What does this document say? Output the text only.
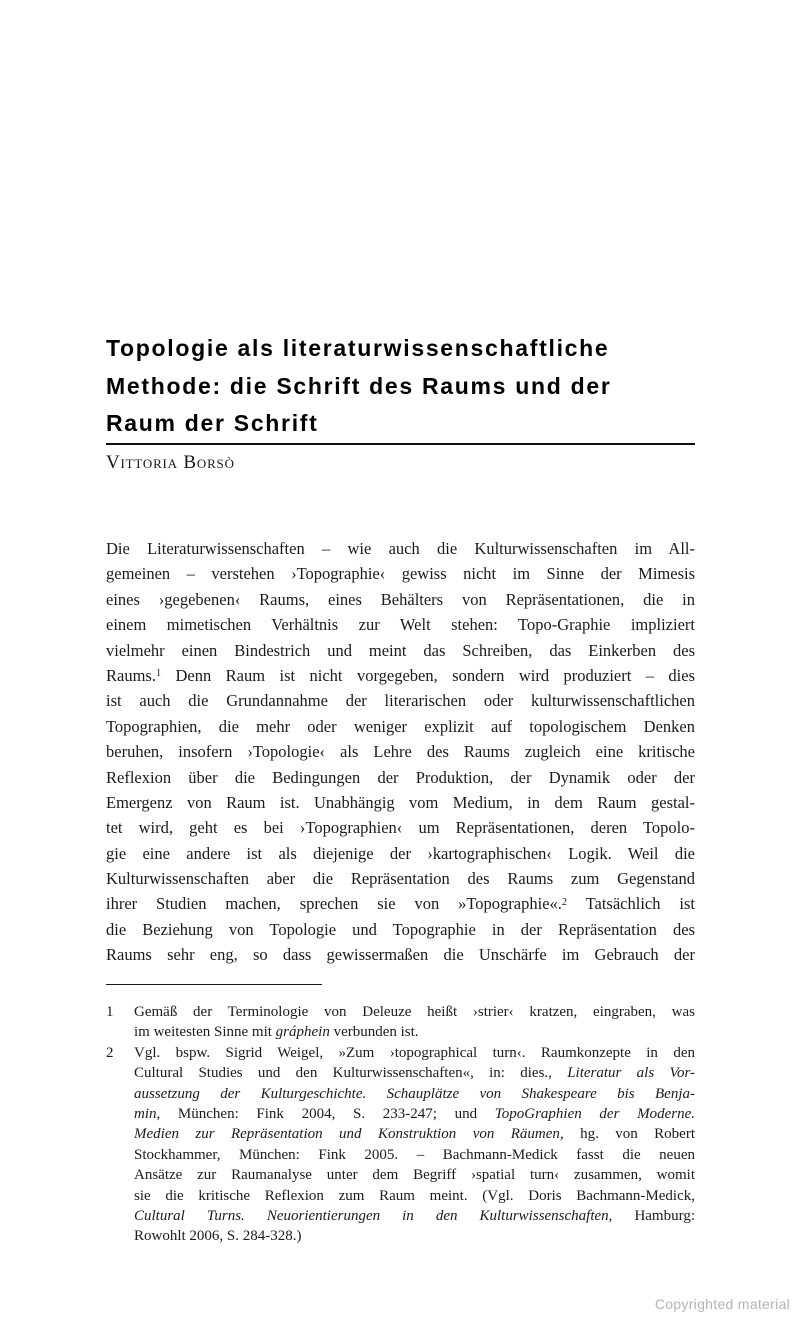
Topologie als literaturwissenschaftliche
Methode: die Schrift des Raums und der
Raum der Schrift
Vittoria Borsò
Die Literaturwissenschaften – wie auch die Kulturwissenschaften im All-
gemeinen – verstehen ›Topographie‹ gewiss nicht im Sinne der Mimesis
eines ›gegebenen‹ Raums, eines Behälters von Repräsentationen, die in
einem mimetischen Verhältnis zur Welt stehen: Topo-Graphie impliziert
vielmehr einen Bindestrich und meint das Schreiben, das Einkerben des
Raums.$^1$ Denn Raum ist nicht vorgegeben, sondern wird produziert – dies
ist auch die Grundannahme der literarischen oder kulturwissenschaftlichen
Topographien, die mehr oder weniger explizit auf topologischem Denken
beruhen, insofern ›Topologie‹ als Lehre des Raums zugleich eine kritische
Reflexion über die Bedingungen der Produktion, der Dynamik oder der
Emergenz von Raum ist. Unabhängig vom Medium, in dem Raum gestal-
tet wird, geht es bei ›Topographien‹ um Repräsentationen, deren Topolo-
gie eine andere ist als diejenige der ›kartographischen‹ Logik. Weil die
Kulturwissenschaften aber die Repräsentation des Raums zum Gegenstand
ihrer Studien machen, sprechen sie von »Topographie«.$^2$ Tatsächlich ist
die Beziehung von Topologie und Topographie in der Repräsentation des
Raums sehr eng, so dass gewissermaßen die Unschärfe im Gebrauch der
1 Gemäß der Terminologie von Deleuze heißt ›strier‹ kratzen, eingraben, was
im weitesten Sinne mit gráphein verbunden ist.
2 Vgl. bspw. Sigrid Weigel, »Zum ›topographical turn‹. Raumkonzepte in den
Cultural Studies und den Kulturwissenschaften«, in: dies., Literatur als Vor-
aussetzung der Kulturgeschichte. Schauplätze von Shakespeare bis Benja-
min, München: Fink 2004, S. 233-247; und TopoGraphien der Moderne.
Medien zur Repräsentation und Konstruktion von Räumen, hg. von Robert
Stockhammer, München: Fink 2005. – Bachmann-Medick fasst die neuen
Ansätze zur Raumanalyse unter dem Begriff ›spatial turn‹ zusammen, womit
sie die kritische Reflexion zum Raum meint. (Vgl. Doris Bachmann-Medick,
Cultural Turns. Neuorientierungen in den Kulturwissenschaften, Hamburg:
Rowohlt 2006, S. 284-328.)
Copyrighted material
